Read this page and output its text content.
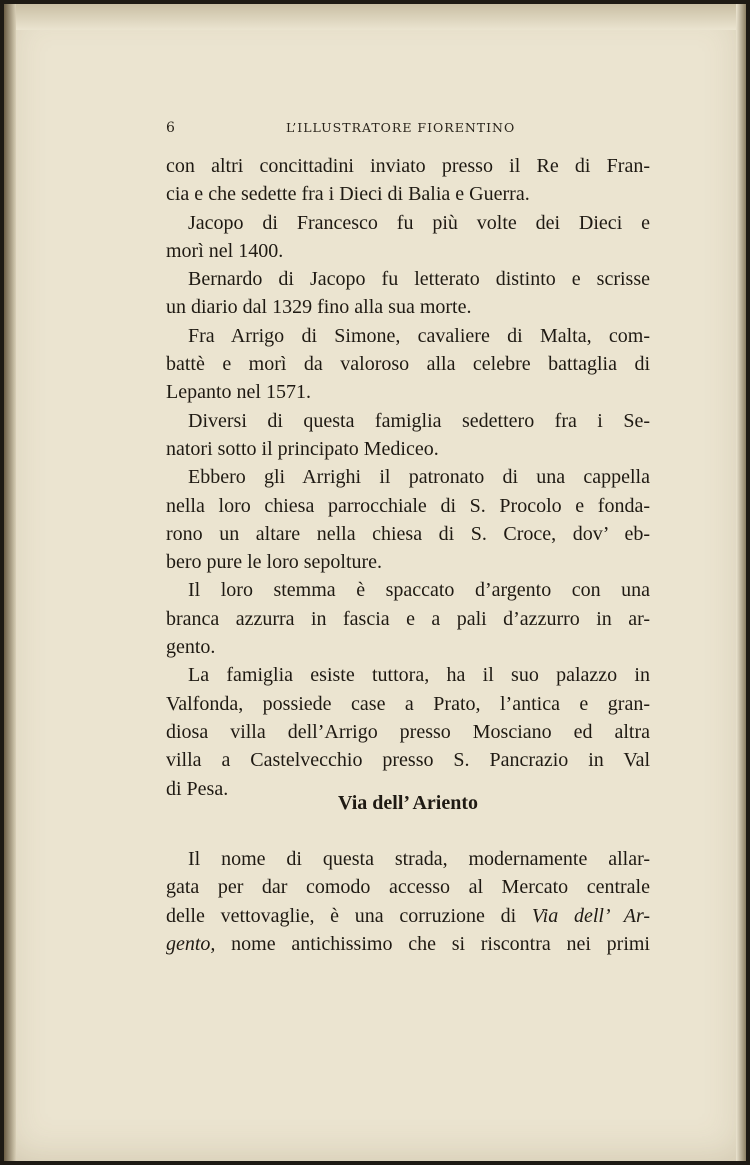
6	L’ILLUSTRATORE FIORENTINO
con altri concittadini inviato presso il Re di Fran-
cia e che sedette fra i Dieci di Balia e Guerra.
Jacopo di Francesco fu più volte dei Dieci e
morì nel 1400.
Bernardo di Jacopo fu letterato distinto e scrisse
un diario dal 1329 fino alla sua morte.
Fra Arrigo di Simone, cavaliere di Malta, com-
battè e morì da valoroso alla celebre battaglia di
Lepanto nel 1571.
Diversi di questa famiglia sedettero fra i Se-
natori sotto il principato Mediceo.
Ebbero gli Arrighi il patronato di una cappella
nella loro chiesa parrocchiale di S. Procolo e fonda-
rono un altare nella chiesa di S. Croce, dov’ eb-
bero pure le loro sepolture.
Il loro stemma è spaccato d’argento con una
branca azzurra in fascia e a pali d’azzurro in ar-
gento.
La famiglia esiste tuttora, ha il suo palazzo in
Valfonda, possiede case a Prato, l’antica e gran-
diosa villa dell’Arrigo presso Mosciano ed altra
villa a Castelvecchio presso S. Pancrazio in Val
di Pesa.
Via dell’ Ariento
Il nome di questa strada, modernamente allar-
gata per dar comodo accesso al Mercato centrale
delle vettovaglie, è una corruzione di Via dell’ Ar-
gento, nome antichissimo che si riscontra nei primi
